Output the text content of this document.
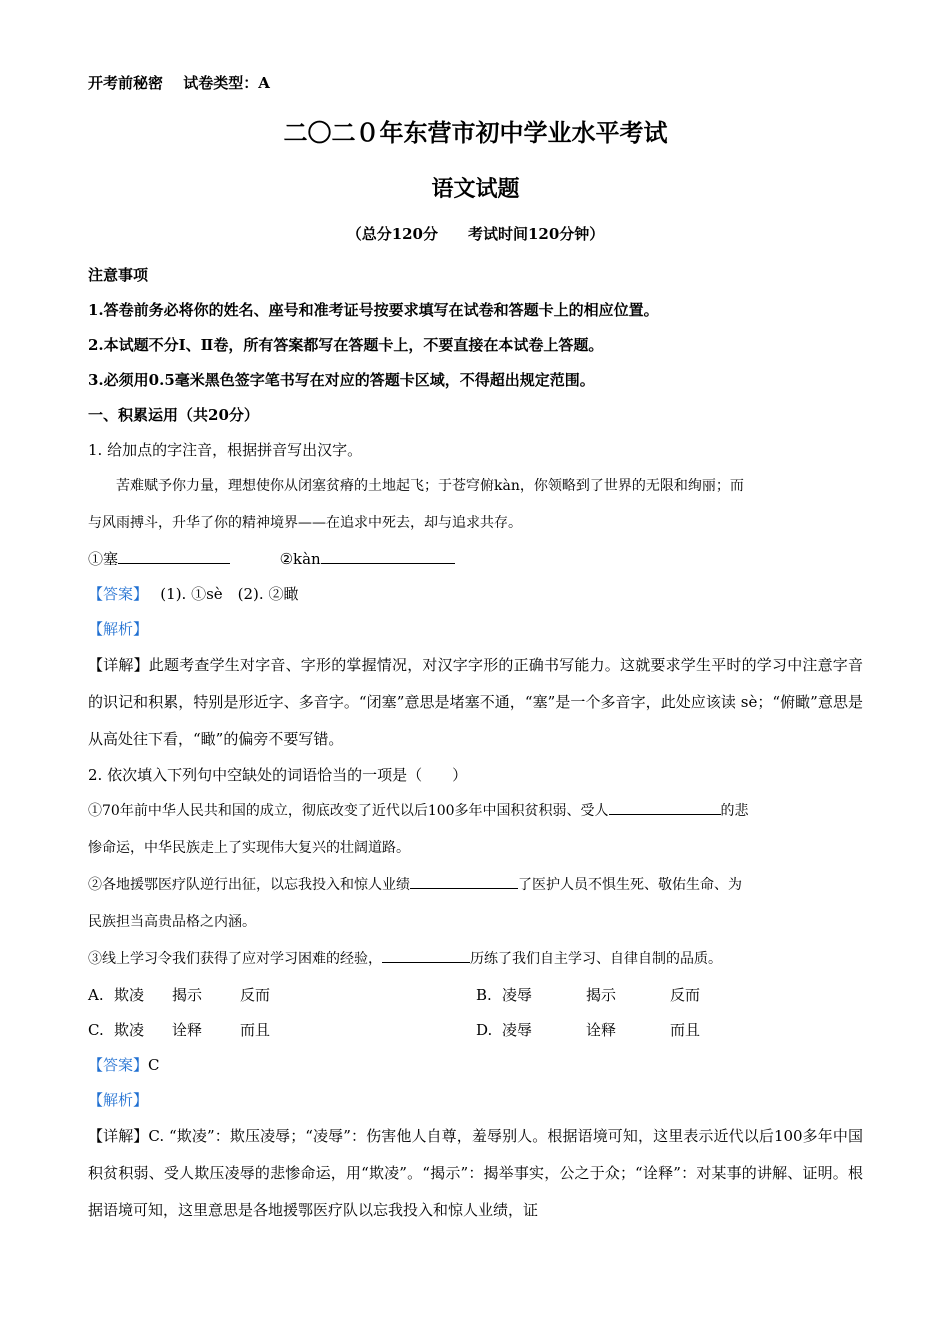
开考前秘密　 试卷类型：A
二〇二０年东营市初中学业水平考试
语文试题
（总分120分　　考试时间120分钟）
注意事项
1.答卷前务必将你的姓名、座号和准考证号按要求填写在试卷和答题卡上的相应位置。
2.本试题不分Ⅰ、Ⅱ卷，所有答案都写在答题卡上，不要直接在本试卷上答题。
3.必须用0.5毫米黑色签字笔书写在对应的答题卡区域，不得超出规定范围。
一、积累运用（共20分）
1. 给加点的字注音，根据拼音写出汉字。
苦难赋予你力量，理想使你从闭塞贫瘠的土地起飞；于苍穹俯kàn，你领略到了世界的无限和绚丽；而
与风雨搏斗，升华了你的精神境界——在追求中死去，却与追求共存。
①塞	②kàn
【答案】　 (1). ①sè　(2). ②瞰
【解析】
【详解】此题考查学生对字音、字形的掌握情况，对汉字字形的正确书写能力。这就要求学生平时的学习中注意字音的识记和积累，特别是形近字、多音字。“闭塞”意思是堵塞不通，“塞”是一个多音字，此处应该读 sè；“俯瞰”意思是从高处往下看，“瞰”的偏旁不要写错。
2. 依次填入下列句中空缺处的词语恰当的一项是（　　）
①70年前中华人民共和国的成立，彻底改变了近代以后100多年中国积贫积弱、受人	的悲
惨命运，中华民族走上了实现伟大复兴的壮阔道路。
②各地援鄂医疗队逆行出征，以忘我投入和惊人业绩	了医护人员不惧生死、敬佑生命、为
民族担当高贵品格之内涵。
③线上学习令我们获得了应对学习困难的经验，	历练了我们自主学习、自律自制的品质。
A. 欺凌 揭示	反而	B. 凌辱	揭示	反而
C. 欺凌 诠释	而且	D. 凌辱	诠释	而且
【答案】C
【解析】
【详解】C. “欺凌”：欺压凌辱；“凌辱”：伤害他人自尊，羞辱别人。根据语境可知，这里表示近代以后100多年中国积贫积弱、受人欺压凌辱的悲惨命运，用“欺凌”。“揭示”：揭举事实，公之于众；“诠释”：对某事的讲解、证明。根据语境可知，这里意思是各地援鄂医疗队以忘我投入和惊人业绩，证
